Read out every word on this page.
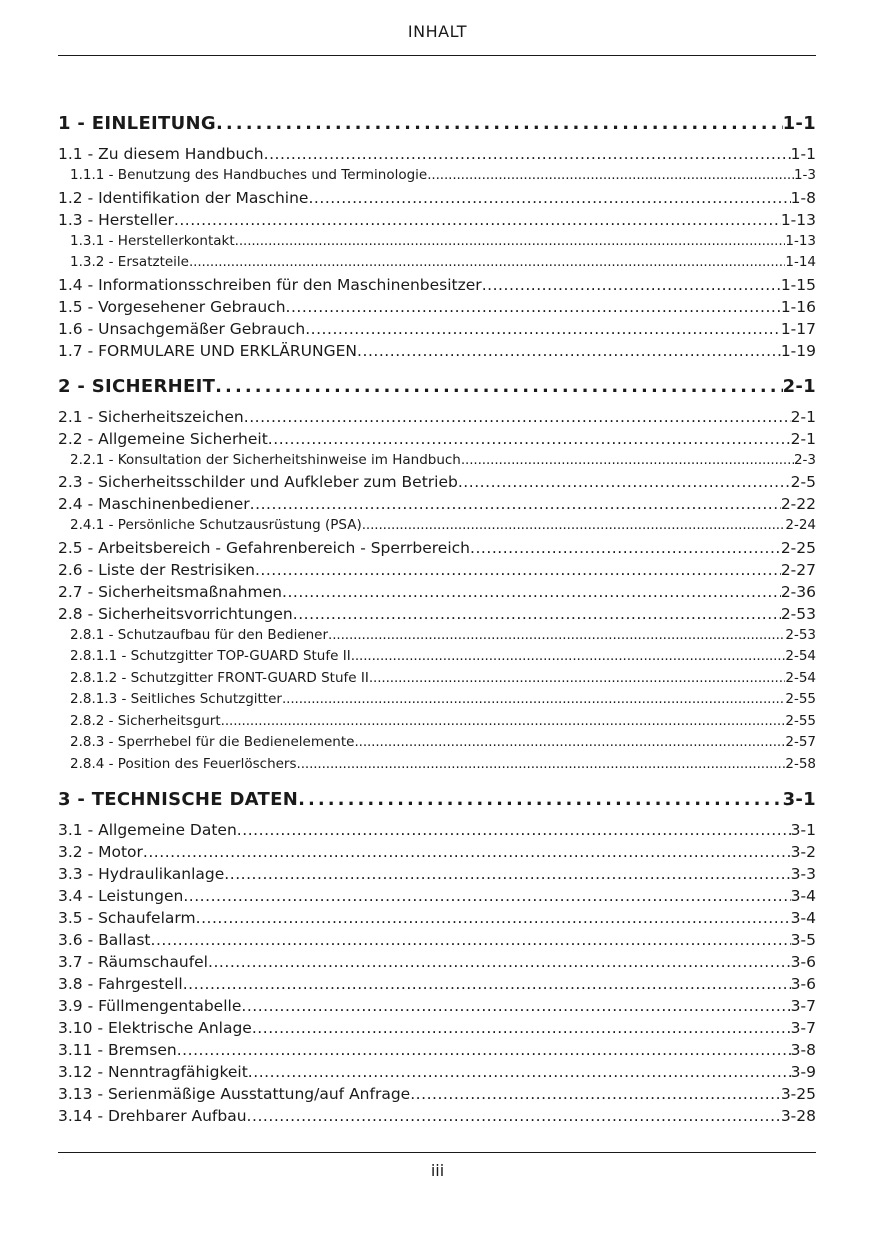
INHALT
1 - EINLEITUNG . . .	1-1
1.1 - Zu diesem Handbuch . . .	1-1
1.1.1 - Benutzung des Handbuches und Terminologie . . .	1-3
1.2 - Identifikation der Maschine . . .	1-8
1.3 - Hersteller . . .	1-13
1.3.1 - Herstellerkontakt . . .	1-13
1.3.2 - Ersatzteile . . .	1-14
1.4 - Informationsschreiben für den Maschinenbesitzer . . .	1-15
1.5 - Vorgesehener Gebrauch . . .	1-16
1.6 - Unsachgemäßer Gebrauch . . .	1-17
1.7 - FORMULARE UND ERKLÄRUNGEN . . .	1-19
2 - SICHERHEIT . . .	2-1
2.1 - Sicherheitszeichen . . .	2-1
2.2 - Allgemeine Sicherheit . . .	2-1
2.2.1 - Konsultation der Sicherheitshinweise im Handbuch . . .	2-3
2.3 - Sicherheitsschilder und Aufkleber zum Betrieb . . .	2-5
2.4 - Maschinenbediener . . .	2-22
2.4.1 - Persönliche Schutzausrüstung (PSA) . . .	2-24
2.5 - Arbeitsbereich - Gefahrenbereich - Sperrbereich . . .	2-25
2.6 - Liste der Restrisiken . . .	2-27
2.7 - Sicherheitsmaßnahmen . . .	2-36
2.8 - Sicherheitsvorrichtungen . . .	2-53
2.8.1 - Schutzaufbau für den Bediener . . .	2-53
2.8.1.1 - Schutzgitter TOP-GUARD Stufe II . . .	2-54
2.8.1.2 - Schutzgitter FRONT-GUARD Stufe II . . .	2-54
2.8.1.3 - Seitliches Schutzgitter . . .	2-55
2.8.2 - Sicherheitsgurt . . .	2-55
2.8.3 - Sperrhebel für die Bedienelemente . . .	2-57
2.8.4 - Position des Feuerlöschers . . .	2-58
3 - TECHNISCHE DATEN . . .	3-1
3.1 - Allgemeine Daten . . .	3-1
3.2 - Motor . . .	3-2
3.3 - Hydraulikanlage . . .	3-3
3.4 - Leistungen . . .	3-4
3.5 - Schaufelarm . . .	3-4
3.6 - Ballast . . .	3-5
3.7 - Räumschaufel . . .	3-6
3.8 - Fahrgestell . . .	3-6
3.9 - Füllmengentabelle . . .	3-7
3.10 - Elektrische Anlage . . .	3-7
3.11 - Bremsen . . .	3-8
3.12 - Nenntragfähigkeit . . .	3-9
3.13 - Serienmäßige Ausstattung/auf Anfrage . . .	3-25
3.14 - Drehbarer Aufbau . . .	3-28
iii
